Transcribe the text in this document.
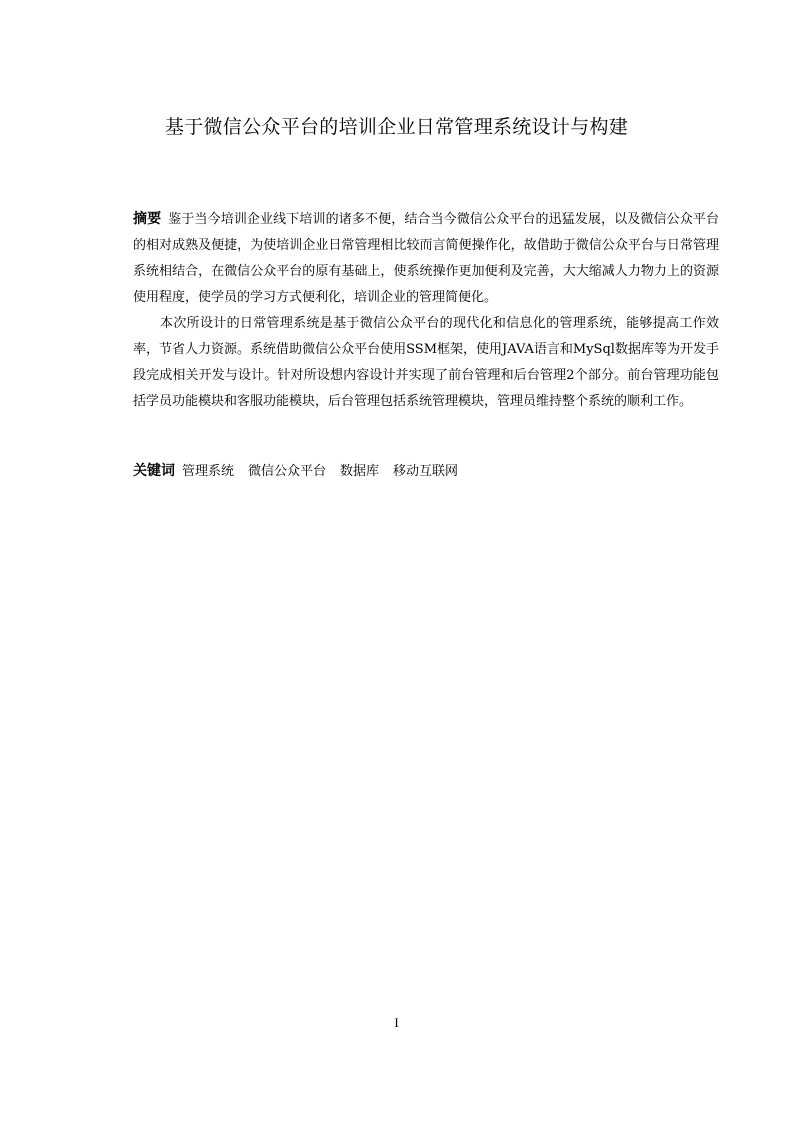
基于微信公众平台的培训企业日常管理系统设计与构建

摘要 鉴于当今培训企业线下培训的诸多不便，结合当今微信公众平台的迅猛发展，以及微信公众平台的相对成熟及便捷，为使培训企业日常管理相比较而言简便操作化，故借助于微信公众平台与日常管理系统相结合，在微信公众平台的原有基础上，使系统操作更加便利及完善，大大缩减人力物力上的资源使用程度，使学员的学习方式便利化，培训企业的管理简便化。

本次所设计的日常管理系统是基于微信公众平台的现代化和信息化的管理系统，能够提高工作效率，节省人力资源。系统借助微信公众平台使用SSM框架，使用JAVA语言和MySql数据库等为开发手段完成相关开发与设计。针对所设想内容设计并实现了前台管理和后台管理2个部分。前台管理功能包括学员功能模块和客服功能模块，后台管理包括系统管理模块，管理员维持整个系统的顺利工作。

关键词 管理系统 微信公众平台 数据库 移动互联网
I
